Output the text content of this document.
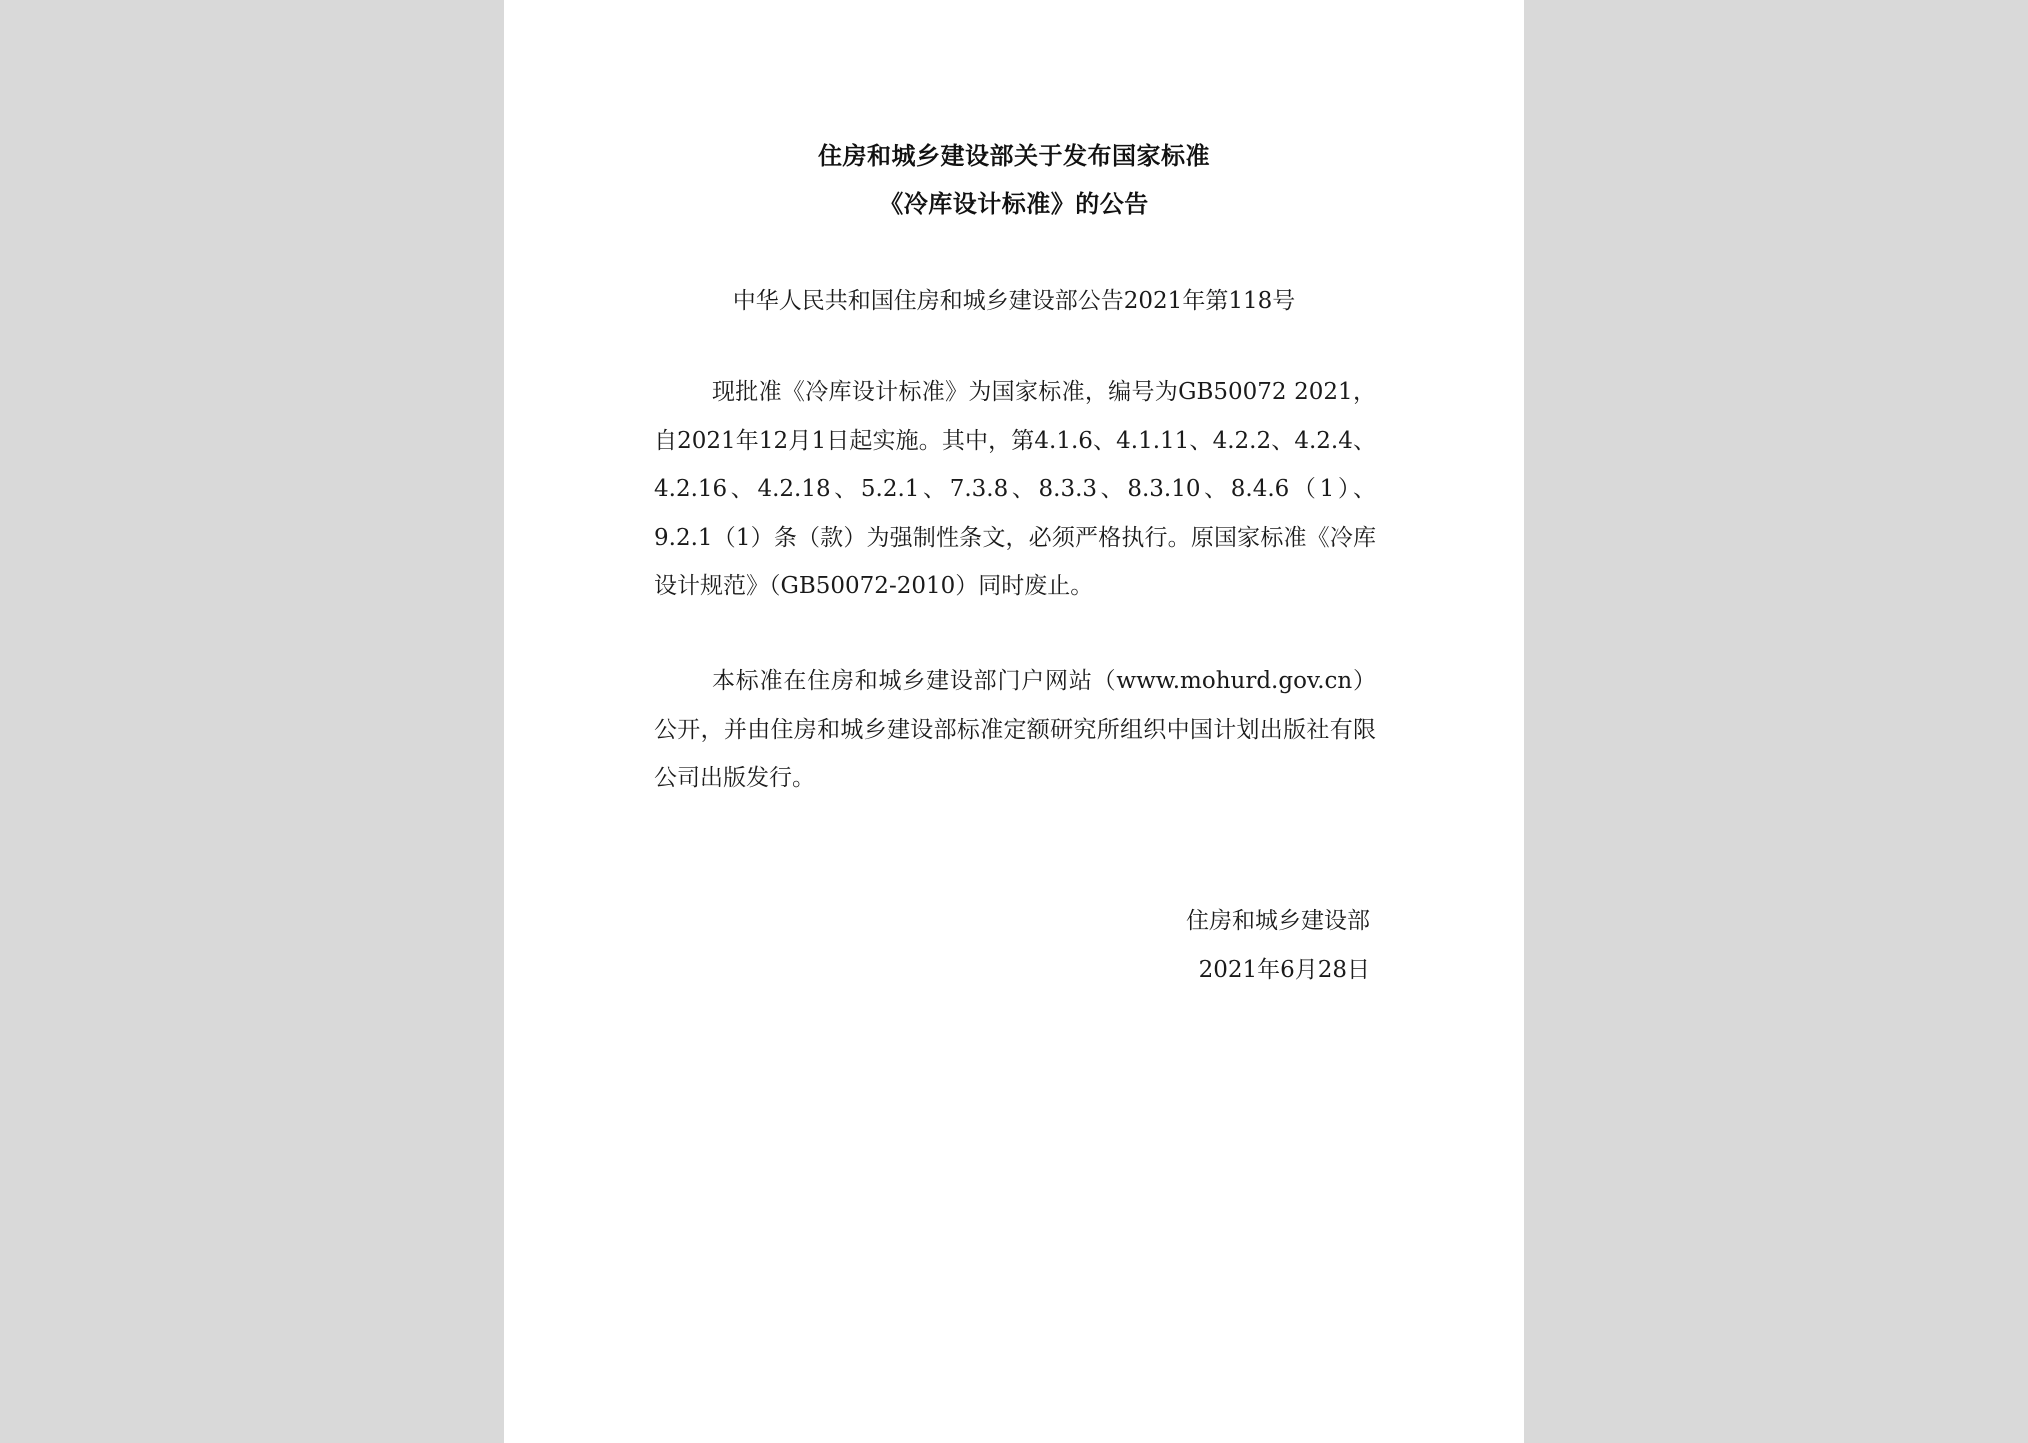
住房和城乡建设部关于发布国家标准
《冷库设计标准》的公告
中华人民共和国住房和城乡建设部公告2021年第118号
现批准《冷库设计标准》为国家标准，编号为GB50072 2021，自2021年12月1日起实施。其中，第4.1.6、4.1.11、4.2.2、4.2.4、4.2.16、4.2.18、5.2.1、7.3.8、8.3.3、8.3.10、8.4.6（1）、9.2.1（1）条（款）为强制性条文，必须严格执行。原国家标准《冷库设计规范》（GB50072-2010）同时废止。
本标准在住房和城乡建设部门户网站（www.mohurd.gov.cn）公开，并由住房和城乡建设部标准定额研究所组织中国计划出版社有限公司出版发行。
住房和城乡建设部
2021年6月28日
